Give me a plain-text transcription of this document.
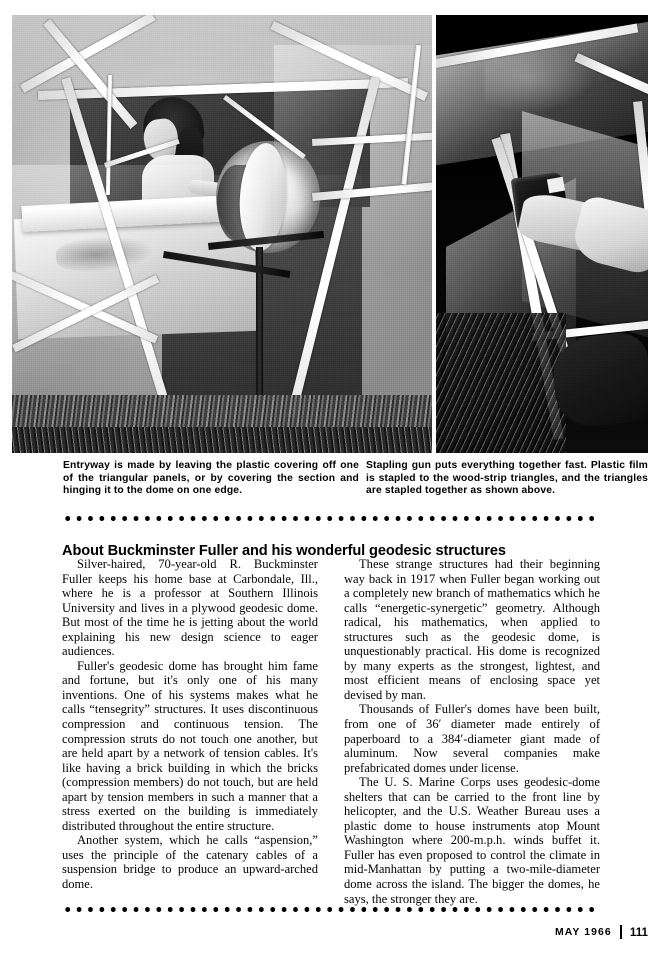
Entryway is made by leaving the plastic covering off one of the triangular panels, or by covering the section and hinging it to the dome on one edge.
Stapling gun puts everything together fast. Plastic film is stapled to the wood-strip triangles, and the triangles are stapled together as shown above.
About Buckminster Fuller and his wonderful geodesic structures

Silver-haired, 70-year-old R. Buckminster Fuller keeps his home base at Carbondale, Ill., where he is a professor at Southern Illinois University and lives in a plywood geodesic dome. But most of the time he is jetting about the world explaining his new design science to eager audiences.

Fuller's geodesic dome has brought him fame and fortune, but it's only one of his many inventions. One of his systems makes what he calls “tensegrity” structures. It uses discontinuous compression and continuous tension. The compression struts do not touch one another, but are held apart by a network of tension cables. It's like having a brick building in which the bricks (compression members) do not touch, but are held apart by tension members in such a manner that a stress exerted on the building is immediately distributed throughout the entire structure.

Another system, which he calls “aspension,” uses the principle of the catenary cables of a suspension bridge to produce an upward-arched dome.

These strange structures had their beginning way back in 1917 when Fuller began working out a completely new branch of mathematics which he calls “energetic-synergetic” geometry. Although radical, his mathematics, when applied to structures such as the geodesic dome, is unquestionably practical. His dome is recognized by many experts as the strongest, lightest, and most efficient means of enclosing space yet devised by man.

Thousands of Fuller's domes have been built, from one of 36′ diameter made entirely of paperboard to a 384′-diameter giant made of aluminum. Now several companies make prefabricated domes under license.

The U. S. Marine Corps uses geodesic-dome shelters that can be carried to the front line by helicopter, and the U.S. Weather Bureau uses a plastic dome to house instruments atop Mount Washington where 200-m.p.h. winds buffet it. Fuller has even proposed to control the climate in mid-Manhattan by putting a two-mile-diameter dome across the island. The bigger the domes, he says, the stronger they are.

MAY 1966 111
